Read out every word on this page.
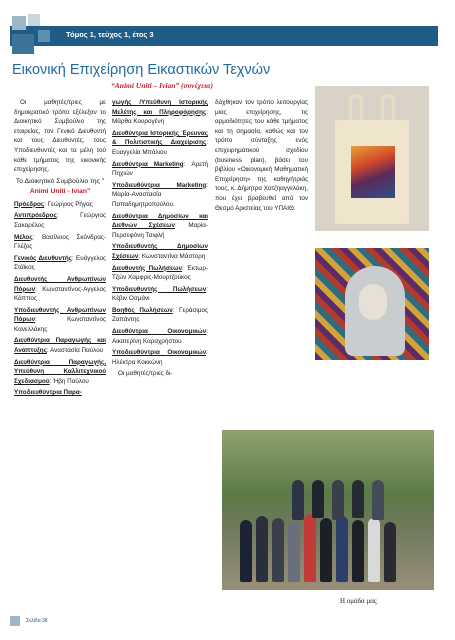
Τόμος 1, τεύχος 1, έτος 3
Εικονική Επιχείρηση Εικαστικών Τεχνών
“Animi Uniti – Ivian” (συνέχεια)

Οι μαθητές/τριες με δημοκρατικό τρόπο εξέλεξαν το Διοικητικό Συμβούλιο της εταιρείας, τον Γενικό Διευθυντή και τους Διευθυντές, τους Υποδιευθυντές και τα μέλη τού κάθε τμήματος της εικονικής επιχείρησης.

Το Διοικητικό Συμβούλιο της "
Animi Uniti - Ivian"

Πρόεδρος: Γεώργιος Ρήγας

Αντιπρόεδρος: Γεώργιος Σακαρέλος

Μέλος: Βασίλειος Σκόνδρας-Γλέζος

Γενικός Διευθυντής: Ευάγγελος Στάϊκος

Διευθυντής Ανθρωπίνων Πόρων: Κωνσταντίνος-Αγγελος Κάππος

Υποδιευθυντής Ανθρωπίνων Πόρων: Κωνσταντίνος Κανελλάκης

Διευθύντρια Παραγωγής και Ανάπτυξης: Αναστασία Παύλου

Διευθύντρια Παραγωγής, Υπεύθυνη Καλλιτεχνικού Σχεδιασμού: Ήβη Παύλου

Υποδιευθύντρια Παρα-

γωγής /Υπεύθυνη Ιστορικής Μελέτης και Πληροφόρησης: Μάρθα Κουρογένη

Διευθύντρια Ιστορικής Έρευνας & Πολιτιστικής Διαχείρισης: Ευαγγελία Μπάλιου

Διευθύντρια Marketing: Αρετή Πηχιών

Υποδιευθύντρια Marketing: Μαρία-Αναστασία Παπαδημητροπούλου.

Διευθύντρια Δημοσίων και Διεθνών Σχέσεων: Μαρία-Περσεφόνη Τσιφλή

Υποδιευθυντής Δημοσίων Σχέσεων: Κωνσταντίνα Μάστορη

Διευθυντής Πωλήσεων: Έκτωρ-Τζών Χαμφρις-Μουρτζούκος

Υποδιευθυντής Πωλήσεων: Κέβιν Οσμάνι

Βοηθός Πωλήσεων: Γεράσιμος Ζαπάντης

Διευθύντρια Οικονομικών: Αικατερίνη Καραχρήστου

Υποδιευθύντρια Οικονομικών: Ηλέκτρα Κοκκώνη

Οι μαθητές/τριες δι-

δάχθηκαν τον τρόπο λειτουργίας μιας επιχείρησης, τις αρμοδιότητες του κάθε τμήματος και τη σημασία, καθώς και τον τρόπο σύνταξης ενός επιχειρηματικού σχεδίου (business plan), βάσει του βιβλίου «Οικονομική Μαθηματική Επιχείρηση» της καθηγήτριάς τους, κ. Δήμητρα Χατζηαγγελάκη, που έχει βραβευθεί από τον Θεσμό Αριστείας του ΥΠΑΙΘ.

Η ομάδα μας
Σελίδα 38
